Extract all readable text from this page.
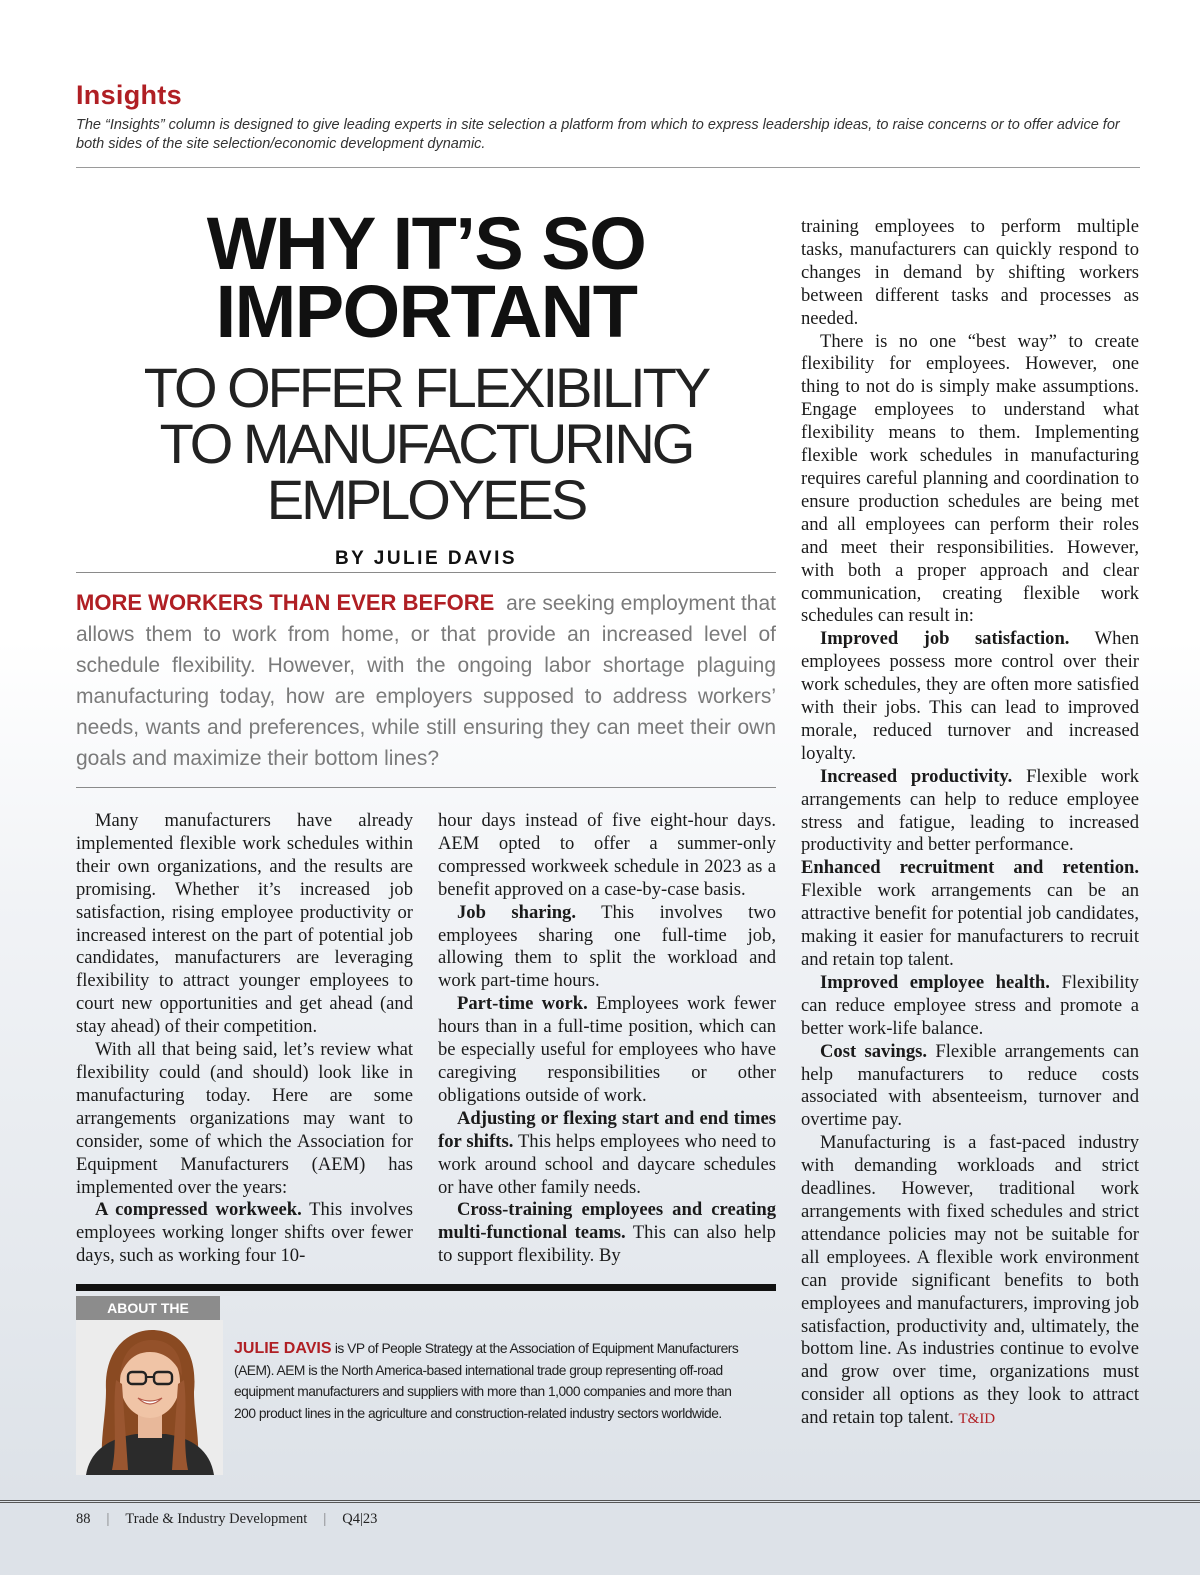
Insights
The “Insights” column is designed to give leading experts in site selection a platform from which to express leadership ideas, to raise concerns or to offer advice for both sides of the site selection/economic development dynamic.
WHY IT’S SO
IMPORTANT
TO OFFER FLEXIBILITY
TO MANUFACTURING
EMPLOYEES
BY JULIE DAVIS
MORE WORKERS THAN EVER BEFORE are seeking employment that allows them to work from home, or that provide an increased level of schedule flexibility. However, with the ongoing labor shortage plaguing manufacturing today, how are employers supposed to address workers’ needs, wants and preferences, while still ensuring they can meet their own goals and maximize their bottom lines?

Many manufacturers have already implemented flexible work schedules within their own organizations, and the results are promising. Whether it’s increased job satisfaction, rising employee productivity or increased interest on the part of potential job candidates, manufacturers are leveraging flexibility to attract younger employees to court new opportunities and get ahead (and stay ahead) of their competition.

With all that being said, let’s review what flexibility could (and should) look like in manufacturing today. Here are some arrangements organizations may want to consider, some of which the Association for Equipment Manufacturers (AEM) has implemented over the years:

A compressed workweek. This involves employees working longer shifts over fewer days, such as working four 10-

hour days instead of five eight-hour days. AEM opted to offer a summer-only compressed workweek schedule in 2023 as a benefit approved on a case-by-case basis.

Job sharing. This involves two employees sharing one full-time job, allowing them to split the workload and work part-time hours.

Part-time work. Employees work fewer hours than in a full-time position, which can be especially useful for employees who have caregiving responsibilities or other obligations outside of work.

Adjusting or flexing start and end times for shifts. This helps employees who need to work around school and daycare schedules or have other family needs.

Cross-training employees and creating multi-functional teams. This can also help to support flexibility. By

training employees to perform multiple tasks, manufacturers can quickly respond to changes in demand by shifting workers between different tasks and processes as needed.

There is no one “best way” to create flexibility for employees. However, one thing to not do is simply make assumptions. Engage employees to understand what flexibility means to them. Implementing flexible work schedules in manufacturing requires careful planning and coordination to ensure production schedules are being met and all employees can perform their roles and meet their responsibilities. However, with both a proper approach and clear communication, creating flexible work schedules can result in:

Improved job satisfaction. When employees possess more control over their work schedules, they are often more satisfied with their jobs. This can lead to improved morale, reduced turnover and increased loyalty.

Increased productivity. Flexible work arrangements can help to reduce employee stress and fatigue, leading to increased productivity and better performance.

Enhanced recruitment and retention. Flexible work arrangements can be an attractive benefit for potential job candidates, making it easier for manufacturers to recruit and retain top talent.

Improved employee health. Flexibility can reduce employee stress and promote a better work-life balance.

Cost savings. Flexible arrangements can help manufacturers to reduce costs associated with absenteeism, turnover and overtime pay.

Manufacturing is a fast-paced industry with demanding workloads and strict deadlines. However, traditional work arrangements with fixed schedules and strict attendance policies may not be suitable for all employees. A flexible work environment can provide significant benefits to both employees and manufacturers, improving job satisfaction, productivity and, ultimately, the bottom line. As industries continue to evolve and grow over time, organizations must consider all options as they look to attract and retain top talent. T&ID

ABOUT THE
JULIE DAVIS is VP of People Strategy at the Association of Equipment Manufacturers (AEM). AEM is the North America-based international trade group representing off-road equipment manufacturers and suppliers with more than 1,000 companies and more than 200 product lines in the agriculture and construction-related industry sectors worldwide.
88 | Trade & Industry Development | Q4|23
